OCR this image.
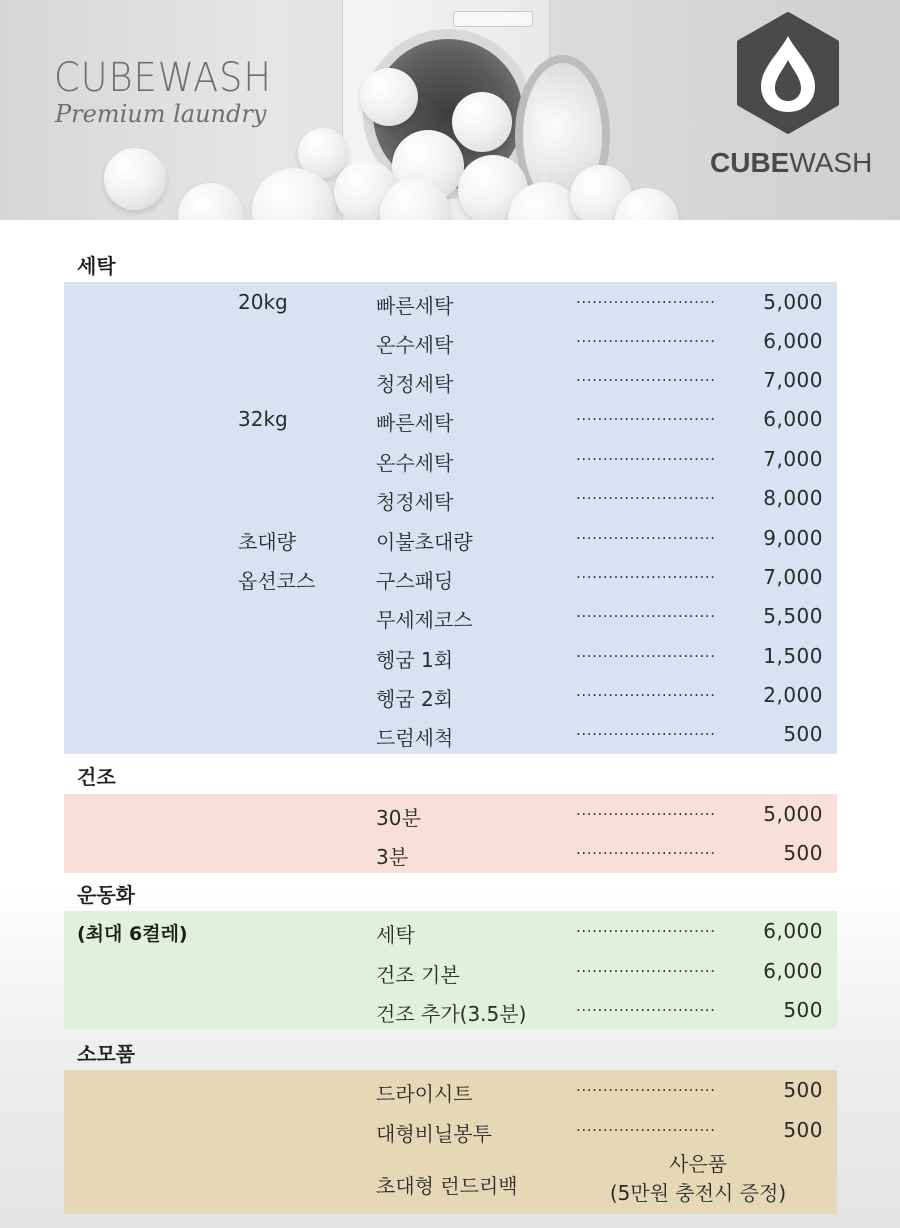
CUBEWASH
Premium laundry
CUBEWASH
세탁
20kg	빠른세탁	..........................	5,000
온수세탁	..........................	6,000
청정세탁	..........................	7,000
32kg	빠른세탁	..........................	6,000
온수세탁	..........................	7,000
청정세탁	..........................	8,000
초대량	이불초대량	..........................	9,000
옵션코스	구스패딩	..........................	7,000
무세제코스	..........................	5,500
헹굼 1회	..........................	1,500
헹굼 2회	..........................	2,000
드럼세척	..........................	500
건조
30분	..........................	5,000
3분	..........................	500
운동화
(최대 6켤레)	세탁	..........................	6,000
건조 기본	..........................	6,000
건조 추가(3.5분)	..........................	500
소모품
드라이시트	..........................	500
대형비닐봉투	..........................	500
초대형 런드리백
사은품
(5만원 충전시 증정)
